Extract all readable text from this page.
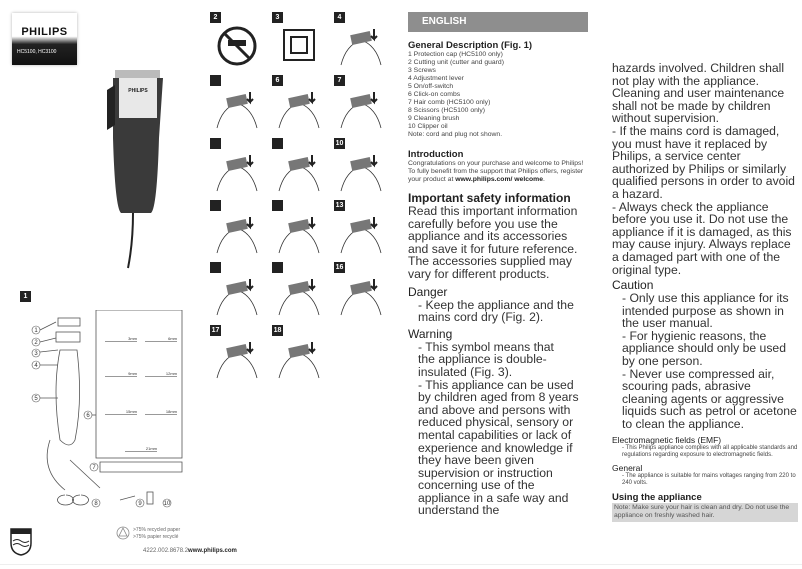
PHILIPS
HC5100, HC3100
PHILIPS
1
1
2
3
4
5
6
7
8	9	10
3mm	6mm
9mm	12mm
15mm	18mm
21mm
2	3	4
6	7
10
13
16
17	18
>75% recycled paper
>75% papier recyclé
4222.002.8678.2www.philips.com
ENGLISH
General Description (Fig. 1)
1 Protection cap (HC5100 only)
2 Cutting unit (cutter and guard)
3 Screws
4 Adjustment lever
5 On/off-switch
6 Click-on combs
7 Hair comb (HC5100 only)
8 Scissors (HC5100 only)
9 Cleaning brush
10 Clipper oil
Note: cord and plug not shown.
Introduction
Congratulations on your purchase and welcome to Philips! To fully benefit from the support that Philips offers, register your product at www.philips.com/ welcome.
Important safety information
Read this important information carefully before you use the appliance and its accessories and save it for future reference. The accessories supplied may vary for different products.
Danger
- Keep the appliance and the mains cord dry (Fig. 2).
Warning
- This symbol means that the appliance is double-insulated (Fig. 3).
- This appliance can be used by children aged from 8 years and above and persons with reduced physical, sensory or mental capabilities or lack of experience and knowledge if they have been given supervision or instruction concerning use of the appliance in a safe way and understand the
hazards involved. Children shall not play with the appliance. Cleaning and user maintenance shall not be made by children without supervision.
- If the mains cord is damaged, you must have it replaced by Philips, a service center authorized by Philips or similarly qualified persons in order to avoid a hazard.
- Always check the appliance before you use it. Do not use the appliance if it is damaged, as this may cause injury. Always replace a damaged part with one of the original type.
Caution
- Only use this appliance for its intended purpose as shown in the user manual.
- For hygienic reasons, the appliance should only be used by one person.
- Never use compressed air, scouring pads, abrasive cleaning agents or aggressive liquids such as petrol or acetone to clean the appliance.
Electromagnetic fields (EMF)
- This Philips appliance complies with all applicable standards and regulations regarding exposure to electromagnetic fields.
General
- The appliance is suitable for mains voltages ranging from 220 to 240 volts.
Using the appliance
Note: Make sure your hair is clean and dry. Do not use the appliance on freshly washed hair.
